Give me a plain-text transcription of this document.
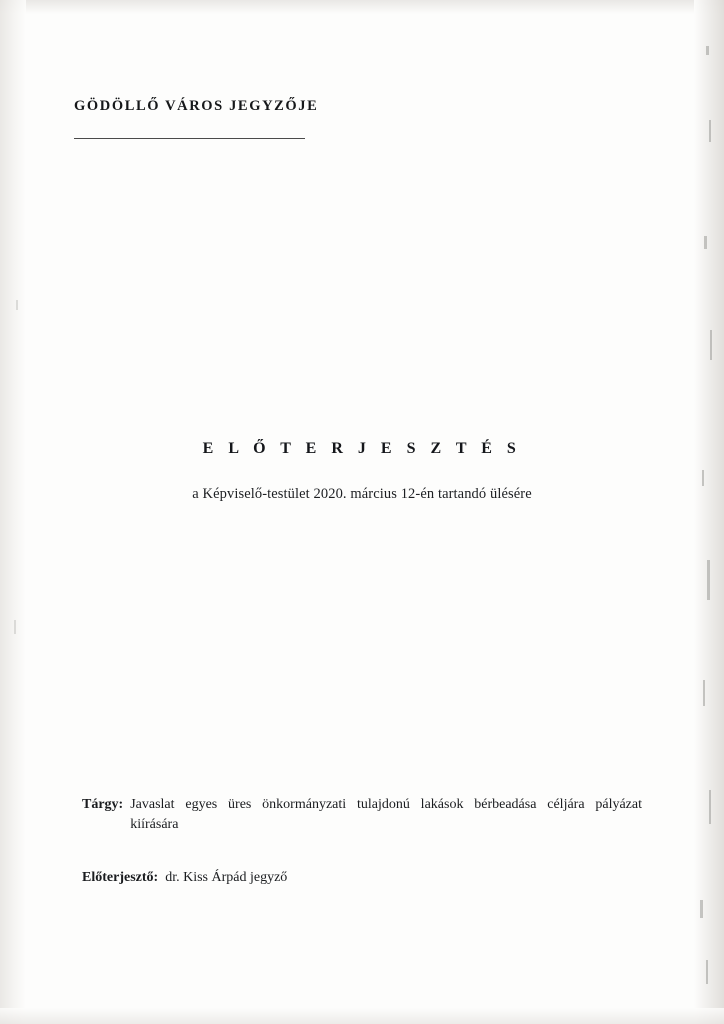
GÖDÖLLŐ VÁROS JEGYZŐJE
E L Ő T E R J E S Z T É S
a Képviselő-testület 2020. március 12-én tartandó ülésére
Tárgy: Javaslat egyes üres önkormányzati tulajdonú lakások bérbeadása céljára pályázat kiírására
Előterjesztő: dr. Kiss Árpád jegyző
